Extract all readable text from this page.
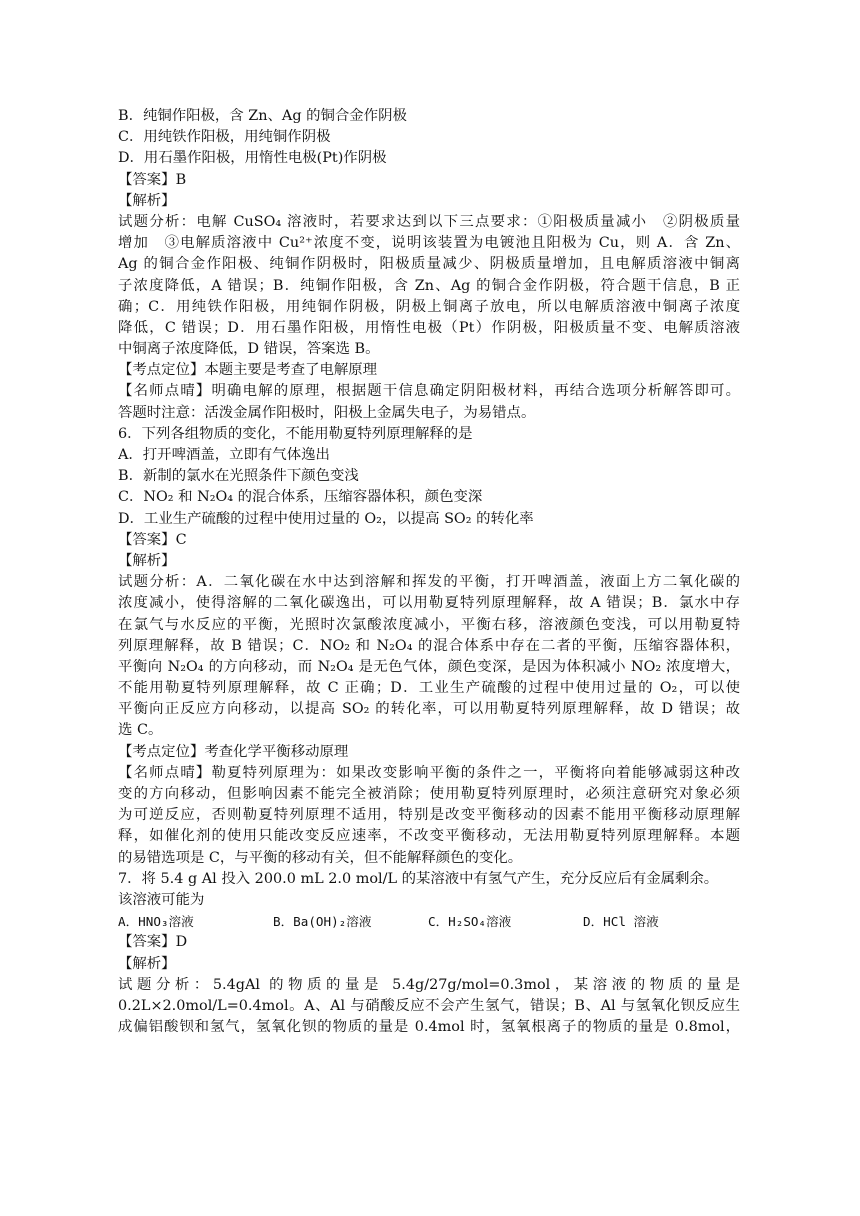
B．纯铜作阳极，含 Zn、Ag 的铜合金作阴极
C．用纯铁作阳极，用纯铜作阴极
D．用石墨作阳极，用惰性电极(Pt)作阴极
【答案】B
【解析】
试题分析：电解 CuSO₄ 溶液时，若要求达到以下三点要求：①阳极质量减小　②阴极质量
增加　③电解质溶液中 Cu²⁺浓度不变，说明该装置为电镀池且阳极为 Cu，则 A．含 Zn、
Ag 的铜合金作阳极、纯铜作阴极时，阳极质量减少、阴极质量增加，且电解质溶液中铜离
子浓度降低，A 错误；B．纯铜作阳极，含 Zn、Ag 的铜合金作阴极，符合题干信息，B 正
确；C．用纯铁作阳极，用纯铜作阴极，阴极上铜离子放电，所以电解质溶液中铜离子浓度
降低，C 错误；D．用石墨作阳极，用惰性电极（Pt）作阴极，阳极质量不变、电解质溶液
中铜离子浓度降低，D 错误，答案选 B。
【考点定位】本题主要是考查了电解原理
【名师点晴】明确电解的原理，根据题干信息确定阴阳极材料，再结合选项分析解答即可。
答题时注意：活泼金属作阳极时，阳极上金属失电子，为易错点。
6．下列各组物质的变化，不能用勒夏特列原理解释的是
A．打开啤酒盖，立即有气体逸出
B．新制的氯水在光照条件下颜色变浅
C．NO₂ 和 N₂O₄ 的混合体系，压缩容器体积，颜色变深
D．工业生产硫酸的过程中使用过量的 O₂，以提高 SO₂ 的转化率
【答案】C
【解析】
试题分析：A．二氧化碳在水中达到溶解和挥发的平衡，打开啤酒盖，液面上方二氧化碳的
浓度减小，使得溶解的二氧化碳逸出，可以用勒夏特列原理解释，故 A 错误；B．氯水中存
在氯气与水反应的平衡，光照时次氯酸浓度减小，平衡右移，溶液颜色变浅，可以用勒夏特
列原理解释，故 B 错误；C．NO₂ 和 N₂O₄ 的混合体系中存在二者的平衡，压缩容器体积，
平衡向 N₂O₄ 的方向移动，而 N₂O₄ 是无色气体，颜色变深，是因为体积减小 NO₂ 浓度增大，
不能用勒夏特列原理解释，故 C 正确；D．工业生产硫酸的过程中使用过量的 O₂，可以使
平衡向正反应方向移动，以提高 SO₂ 的转化率，可以用勒夏特列原理解释，故 D 错误；故
选 C。
【考点定位】考查化学平衡移动原理
【名师点晴】勒夏特列原理为：如果改变影响平衡的条件之一，平衡将向着能够减弱这种改
变的方向移动，但影响因素不能完全被消除；使用勒夏特列原理时，必须注意研究对象必须
为可逆反应，否则勒夏特列原理不适用，特别是改变平衡移动的因素不能用平衡移动原理解
释，如催化剂的使用只能改变反应速率，不改变平衡移动，无法用勒夏特列原理解释。本题
的易错选项是 C，与平衡的移动有关，但不能解释颜色的变化。
7．将 5.4 g Al 投入 200.0 mL 2.0 mol/L 的某溶液中有氢气产生，充分反应后有金属剩余。
该溶液可能为
A．HNO₃溶液	B．Ba(OH)₂溶液	C．H₂SO₄溶液	D．HCl 溶液
【答案】D
【解析】
试题分析：5.4gAl 的物质的量是 5.4g/27g/mol=0.3mol，某溶液的物质的量是
0.2L×2.0mol/L=0.4mol。A、Al 与硝酸反应不会产生氢气，错误；B、Al 与氢氧化钡反应生
成偏铝酸钡和氢气，氢氧化钡的物质的量是 0.4mol 时，氢氧根离子的物质的量是 0.8mol，
